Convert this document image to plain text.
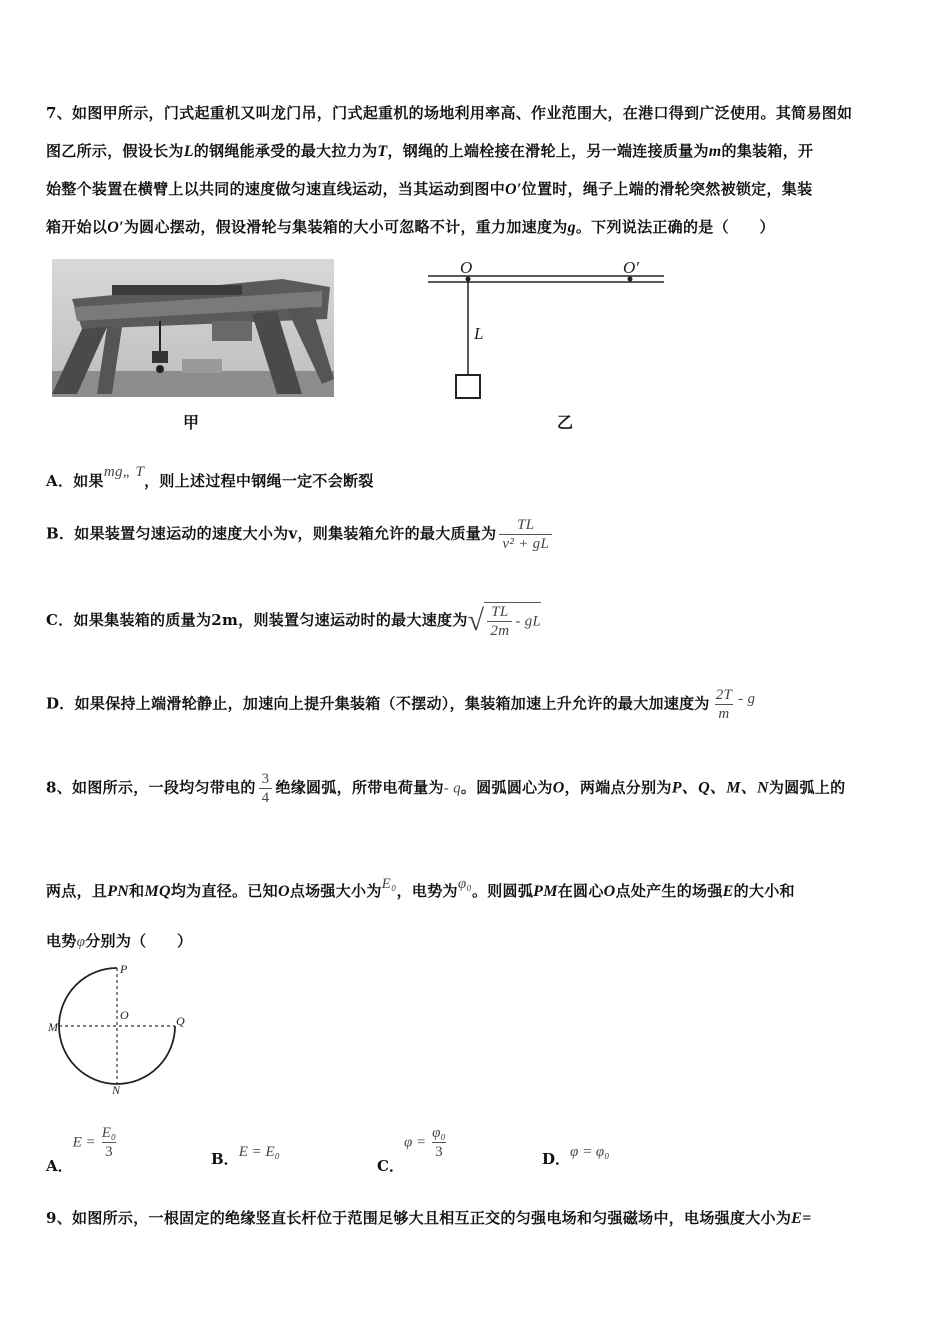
7、如图甲所示，门式起重机又叫龙门吊，门式起重机的场地利用率高、作业范围大，在港口得到广泛使用。其简易图如
图乙所示，假设长为L的钢绳能承受的最大拉力为T，钢绳的上端栓接在滑轮上，另一端连接质量为m的集装箱，开
始整个装置在横臂上以共同的速度做匀速直线运动，当其运动到图中O′位置时，绳子上端的滑轮突然被锁定，集装
箱开始以O′为圆心摆动，假设滑轮与集装箱的大小可忽略不计，重力加速度为g。下列说法正确的是（　　）
甲
O	O′
L
乙
A．如果mg„ T，则上述过程中钢绳一定不会断裂
B．如果装置匀速运动的速度大小为v，则集装箱允许的最大质量为 $\frac{TL}{\text{v² + gL}}$
C．如果集装箱的质量为2m，则装置匀速运动时的最大速度为√ $\frac{TL}{2m}$ - gL
D．如果保持上端滑轮静止，加速向上提升集装箱（不摆动），集装箱加速上升允许的最大加速度为 $\frac{2T}{m}$ - g
8、如图所示，一段均匀带电的 $\frac{3}{4}$ 绝缘圆弧，所带电荷量为- q。圆弧圆心为O，两端点分别为P、Q、M、N为圆弧上的
两点，且PN和MQ均为直径。已知O点场强大小为E₀，电势为φ₀。则圆弧PM在圆心O点处产生的场强E的大小和
电势φ分别为（　　）
P
O
M	Q
N
A．$E = \frac{\text{E₀}}{3}$	B．E = E₀
C．$\varphi = \frac{\text{φ₀}}{3}$	D．φ = φ₀
9、如图所示，一根固定的绝缘竖直长杆位于范围足够大且相互正交的匀强电场和匀强磁场中，电场强度大小为E=
